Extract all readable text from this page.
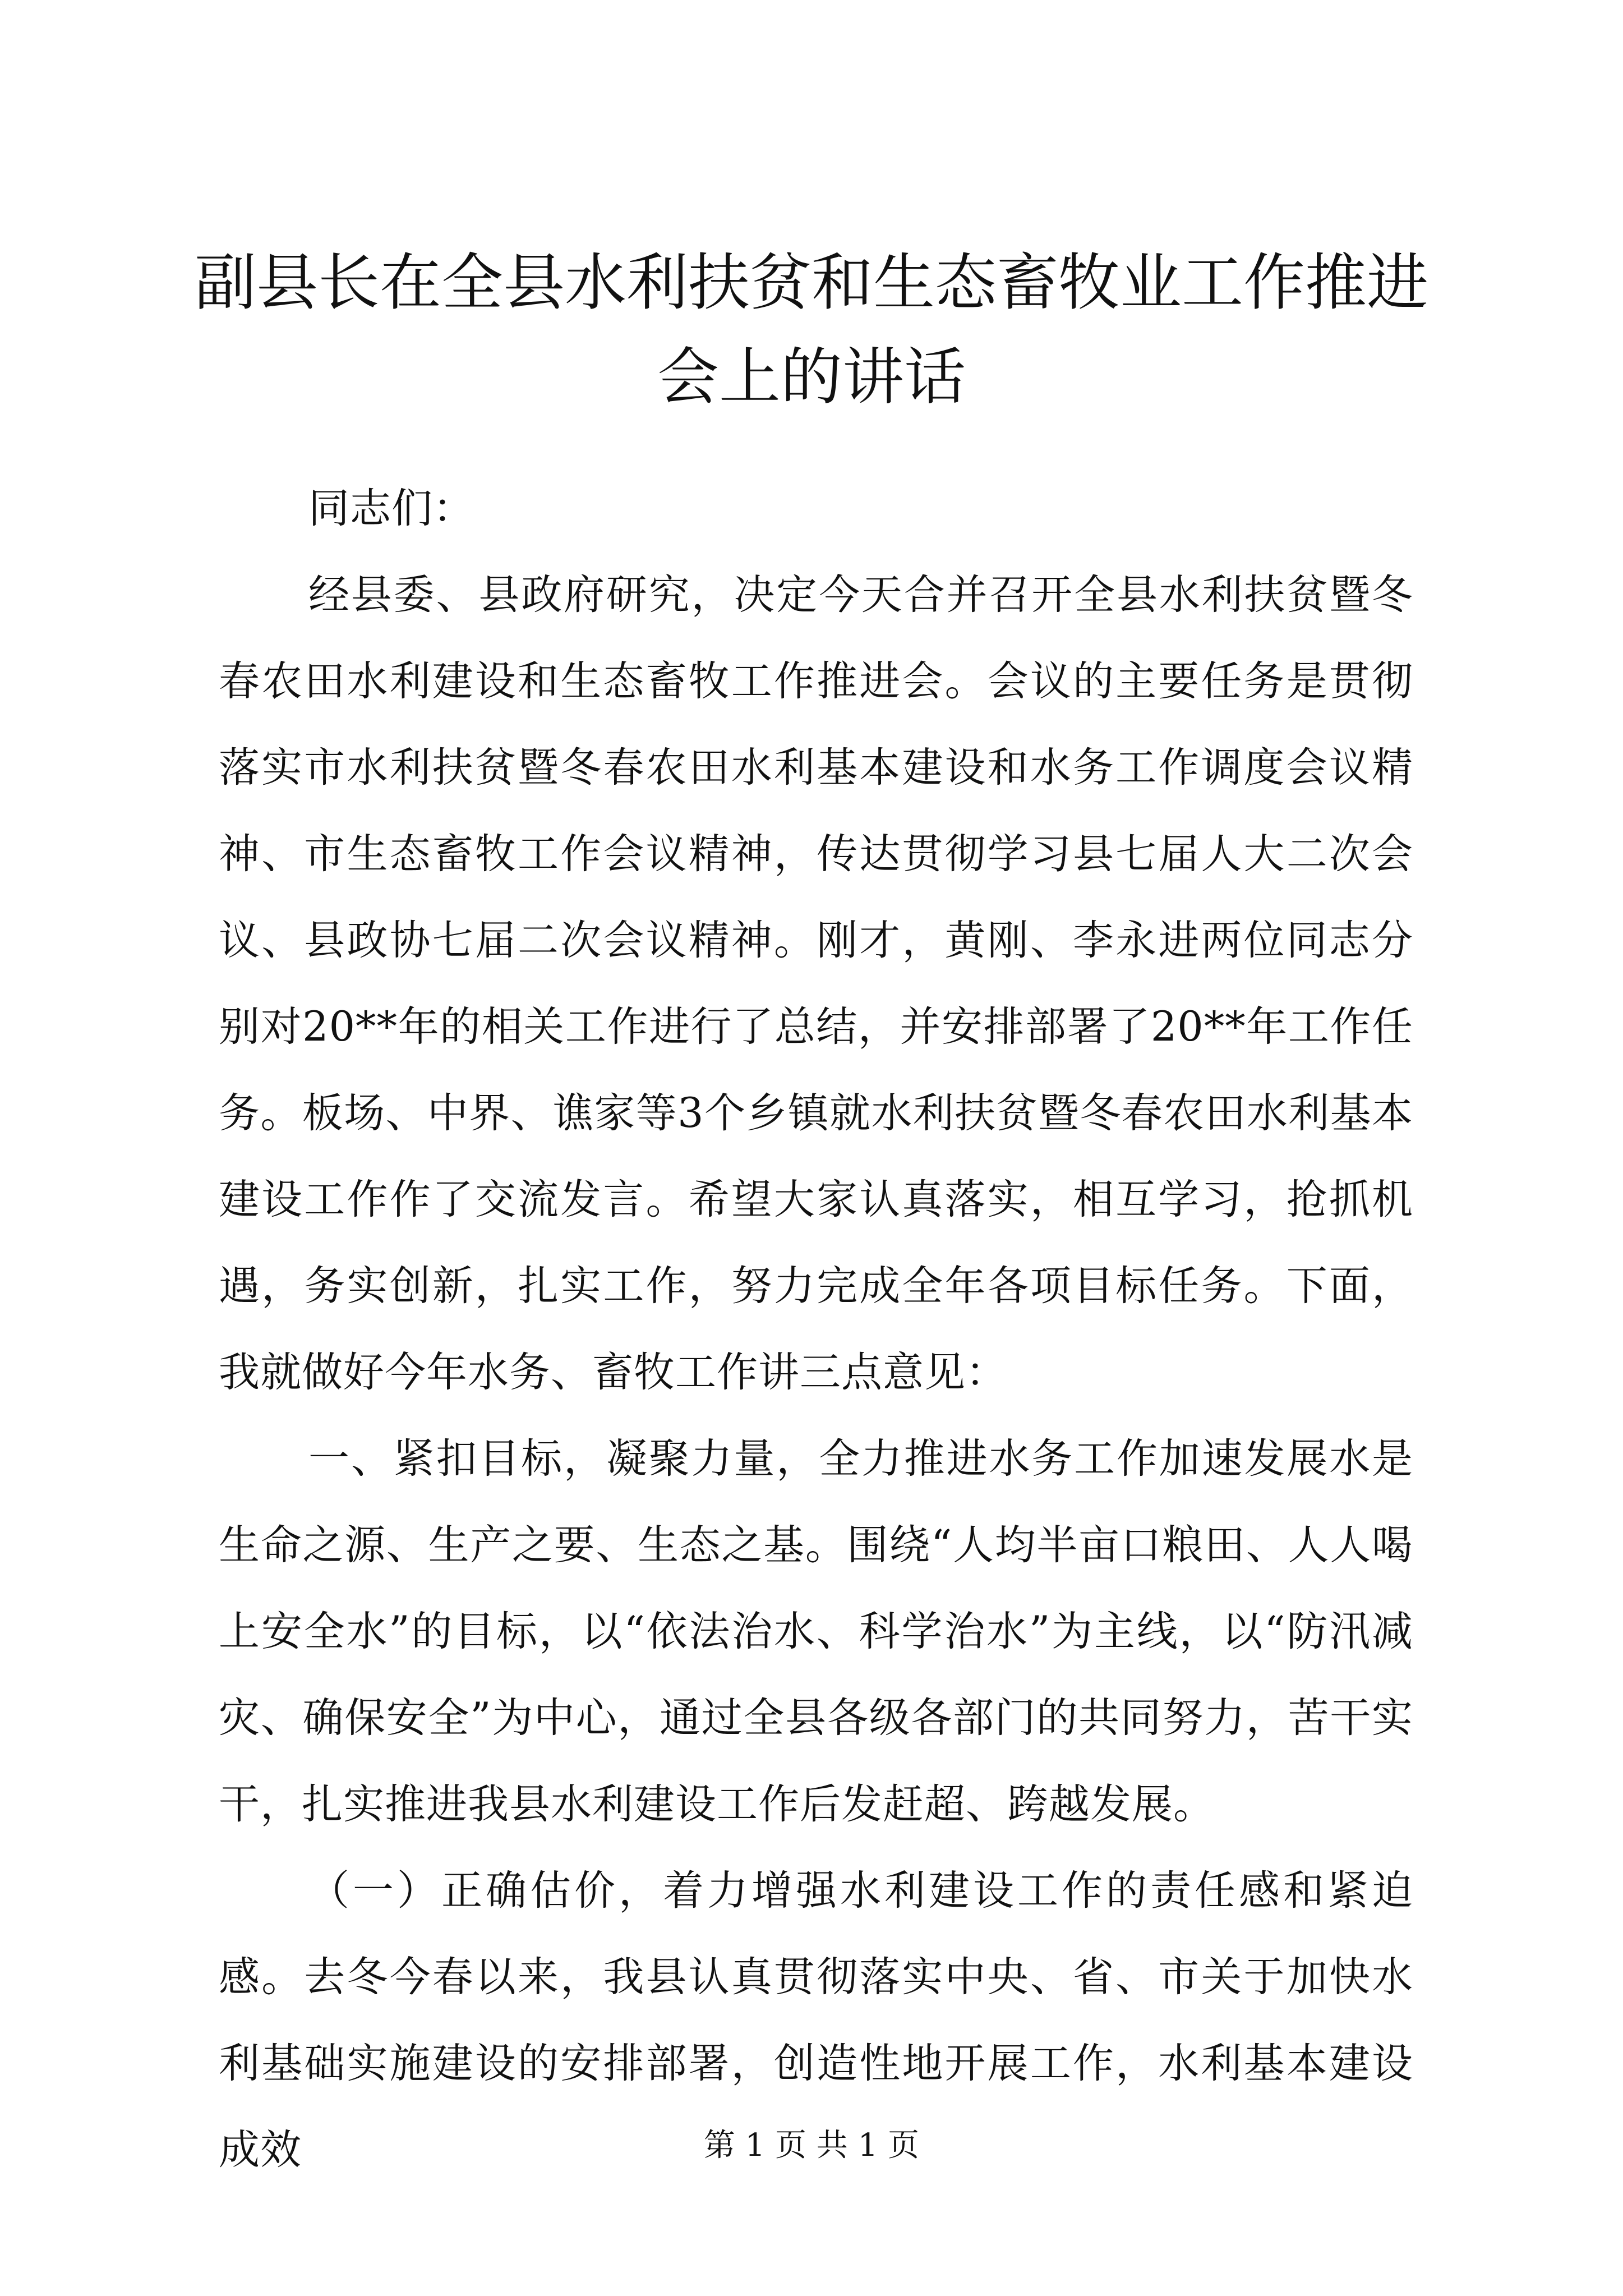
副县长在全县水利扶贫和生态畜牧业工作推进
会上的讲话

同志们：

经县委、县政府研究，决定今天合并召开全县水利扶贫暨冬春农田水利建设和生态畜牧工作推进会。会议的主要任务是贯彻落实市水利扶贫暨冬春农田水利基本建设和水务工作调度会议精神、市生态畜牧工作会议精神，传达贯彻学习县七届人大二次会议、县政协七届二次会议精神。刚才，黄刚、李永进两位同志分别对20**年的相关工作进行了总结，并安排部署了20**年工作任务。板场、中界、谯家等3个乡镇就水利扶贫暨冬春农田水利基本建设工作作了交流发言。希望大家认真落实，相互学习，抢抓机遇，务实创新，扎实工作，努力完成全年各项目标任务。下面，我就做好今年水务、畜牧工作讲三点意见：

一、紧扣目标，凝聚力量，全力推进水务工作加速发展水是生命之源、生产之要、生态之基。围绕“人均半亩口粮田、人人喝上安全水”的目标，以“依法治水、科学治水”为主线，以“防汛减灾、确保安全”为中心，通过全县各级各部门的共同努力，苦干实干，扎实推进我县水利建设工作后发赶超、跨越发展。

（一）正确估价，着力增强水利建设工作的责任感和紧迫感。去冬今春以来，我县认真贯彻落实中央、省、市关于加快水利基础实施建设的安排部署，创造性地开展工作，水利基本建设成效	第 1 页 共 1 页
